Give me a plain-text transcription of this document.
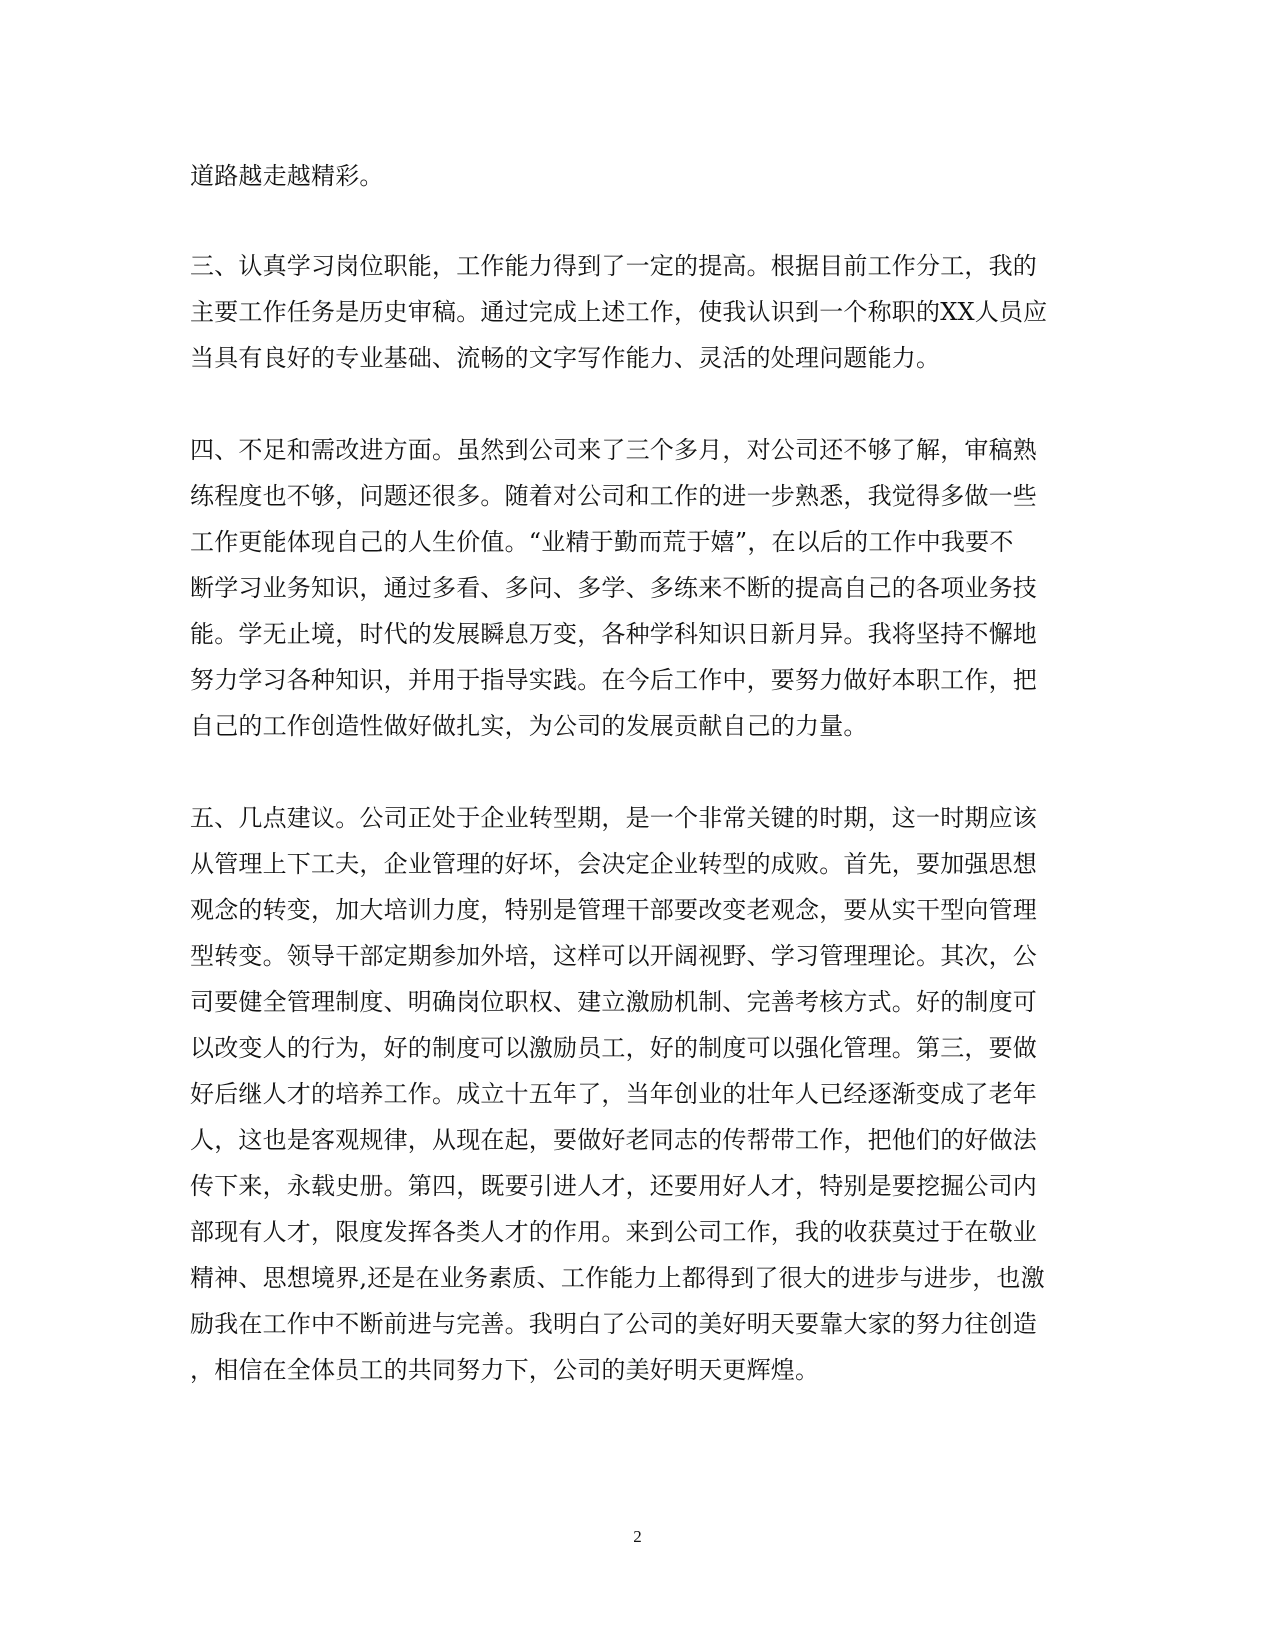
道路越走越精彩。

三、认真学习岗位职能，工作能力得到了一定的提高。根据目前工作分工，我的

主要工作任务是历史审稿。通过完成上述工作，使我认识到一个称职的XX人员应

当具有良好的专业基础、流畅的文字写作能力、灵活的处理问题能力。

四、不足和需改进方面。虽然到公司来了三个多月，对公司还不够了解，审稿熟

练程度也不够，问题还很多。随着对公司和工作的进一步熟悉，我觉得多做一些

工作更能体现自己的人生价值。“业精于勤而荒于嬉”，在以后的工作中我要不

断学习业务知识，通过多看、多问、多学、多练来不断的提高自己的各项业务技

能。学无止境，时代的发展瞬息万变，各种学科知识日新月异。我将坚持不懈地

努力学习各种知识，并用于指导实践。在今后工作中，要努力做好本职工作，把

自己的工作创造性做好做扎实，为公司的发展贡献自己的力量。

五、几点建议。公司正处于企业转型期，是一个非常关键的时期，这一时期应该

从管理上下工夫，企业管理的好坏，会决定企业转型的成败。首先，要加强思想

观念的转变，加大培训力度，特别是管理干部要改变老观念，要从实干型向管理

型转变。领导干部定期参加外培，这样可以开阔视野、学习管理理论。其次，公

司要健全管理制度、明确岗位职权、建立激励机制、完善考核方式。好的制度可

以改变人的行为，好的制度可以激励员工，好的制度可以强化管理。第三，要做

好后继人才的培养工作。成立十五年了，当年创业的壮年人已经逐渐变成了老年

人，这也是客观规律，从现在起，要做好老同志的传帮带工作，把他们的好做法

传下来，永载史册。第四，既要引进人才，还要用好人才，特别是要挖掘公司内

部现有人才，限度发挥各类人才的作用。来到公司工作，我的收获莫过于在敬业

精神、思想境界,还是在业务素质、工作能力上都得到了很大的进步与进步，也激

励我在工作中不断前进与完善。我明白了公司的美好明天要靠大家的努力往创造

，相信在全体员工的共同努力下，公司的美好明天更辉煌。

2
